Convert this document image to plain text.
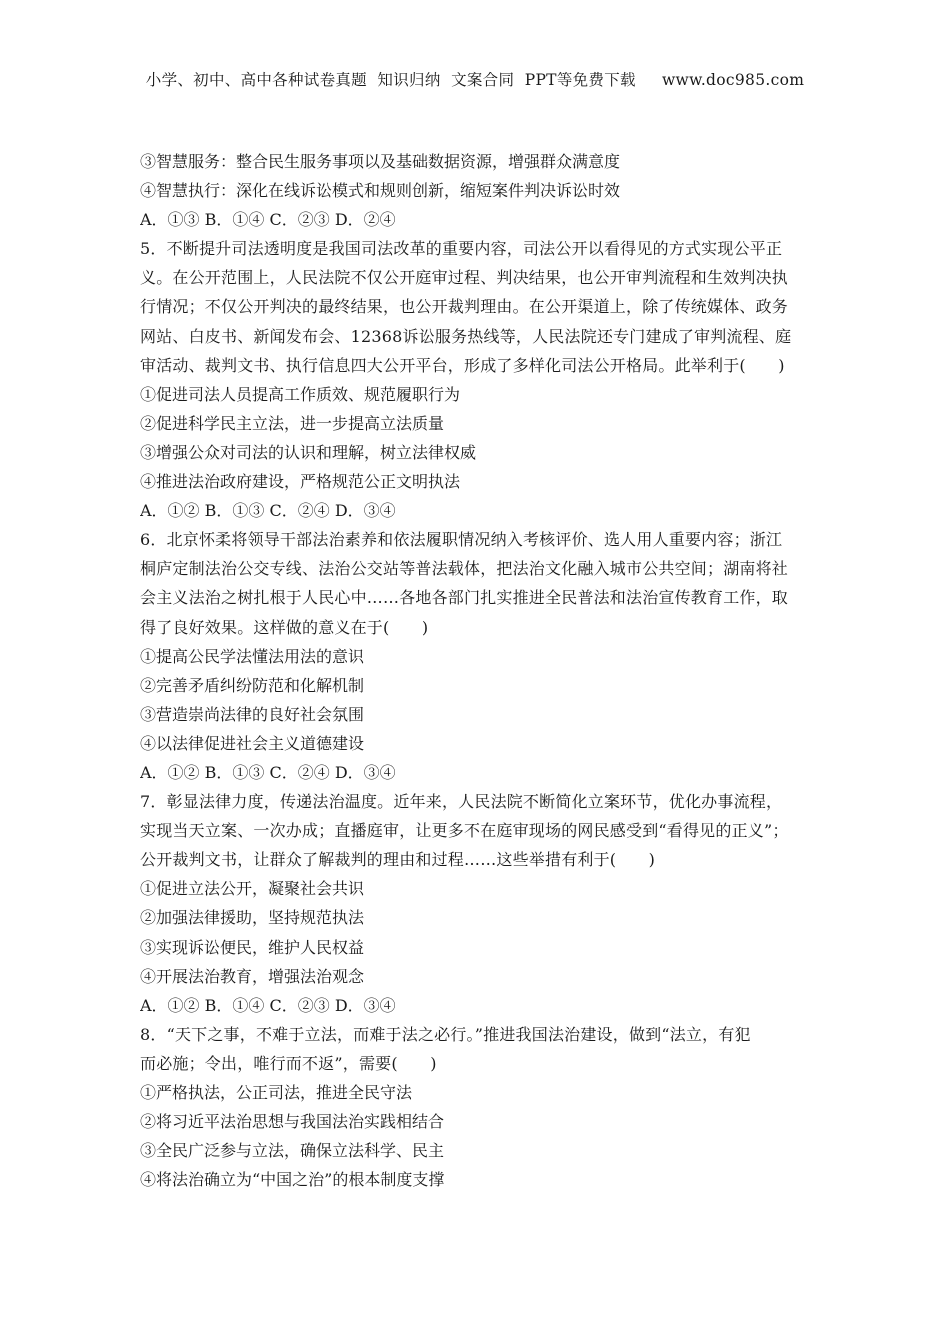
小学、初中、高中各种试卷真题  知识归纳  文案合同  PPT等免费下载     www.doc985.com
③智慧服务：整合民生服务事项以及基础数据资源，增强群众满意度
④智慧执行：深化在线诉讼模式和规则创新，缩短案件判决诉讼时效
A．①③ B．①④ C．②③ D．②④
5．不断提升司法透明度是我国司法改革的重要内容，司法公开以看得见的方式实现公平正
义。在公开范围上，人民法院不仅公开庭审过程、判决结果，也公开审判流程和生效判决执
行情况；不仅公开判决的最终结果，也公开裁判理由。在公开渠道上，除了传统媒体、政务
网站、白皮书、新闻发布会、12368诉讼服务热线等，人民法院还专门建成了审判流程、庭
审活动、裁判文书、执行信息四大公开平台，形成了多样化司法公开格局。此举利于(　　)
①促进司法人员提高工作质效、规范履职行为
②促进科学民主立法，进一步提高立法质量
③增强公众对司法的认识和理解，树立法律权威
④推进法治政府建设，严格规范公正文明执法
A．①② B．①③ C．②④ D．③④
6．北京怀柔将领导干部法治素养和依法履职情况纳入考核评价、选人用人重要内容；浙江
桐庐定制法治公交专线、法治公交站等普法载体，把法治文化融入城市公共空间；湖南将社
会主义法治之树扎根于人民心中……各地各部门扎实推进全民普法和法治宣传教育工作，取
得了良好效果。这样做的意义在于(　　)
①提高公民学法懂法用法的意识
②完善矛盾纠纷防范和化解机制
③营造崇尚法律的良好社会氛围
④以法律促进社会主义道德建设
A．①② B．①③ C．②④ D．③④
7．彰显法律力度，传递法治温度。近年来，人民法院不断简化立案环节，优化办事流程，
实现当天立案、一次办成；直播庭审，让更多不在庭审现场的网民感受到“看得见的正义”；
公开裁判文书，让群众了解裁判的理由和过程……这些举措有利于(　　)
①促进立法公开，凝聚社会共识
②加强法律援助，坚持规范执法
③实现诉讼便民，维护人民权益
④开展法治教育，增强法治观念
A．①② B．①④ C．②③ D．③④
8．“天下之事，不难于立法，而难于法之必行。”推进我国法治建设，做到“法立，有犯
而必施；令出，唯行而不返”，需要(　　)
①严格执法，公正司法，推进全民守法
②将习近平法治思想与我国法治实践相结合
③全民广泛参与立法，确保立法科学、民主
④将法治确立为“中国之治”的根本制度支撑
